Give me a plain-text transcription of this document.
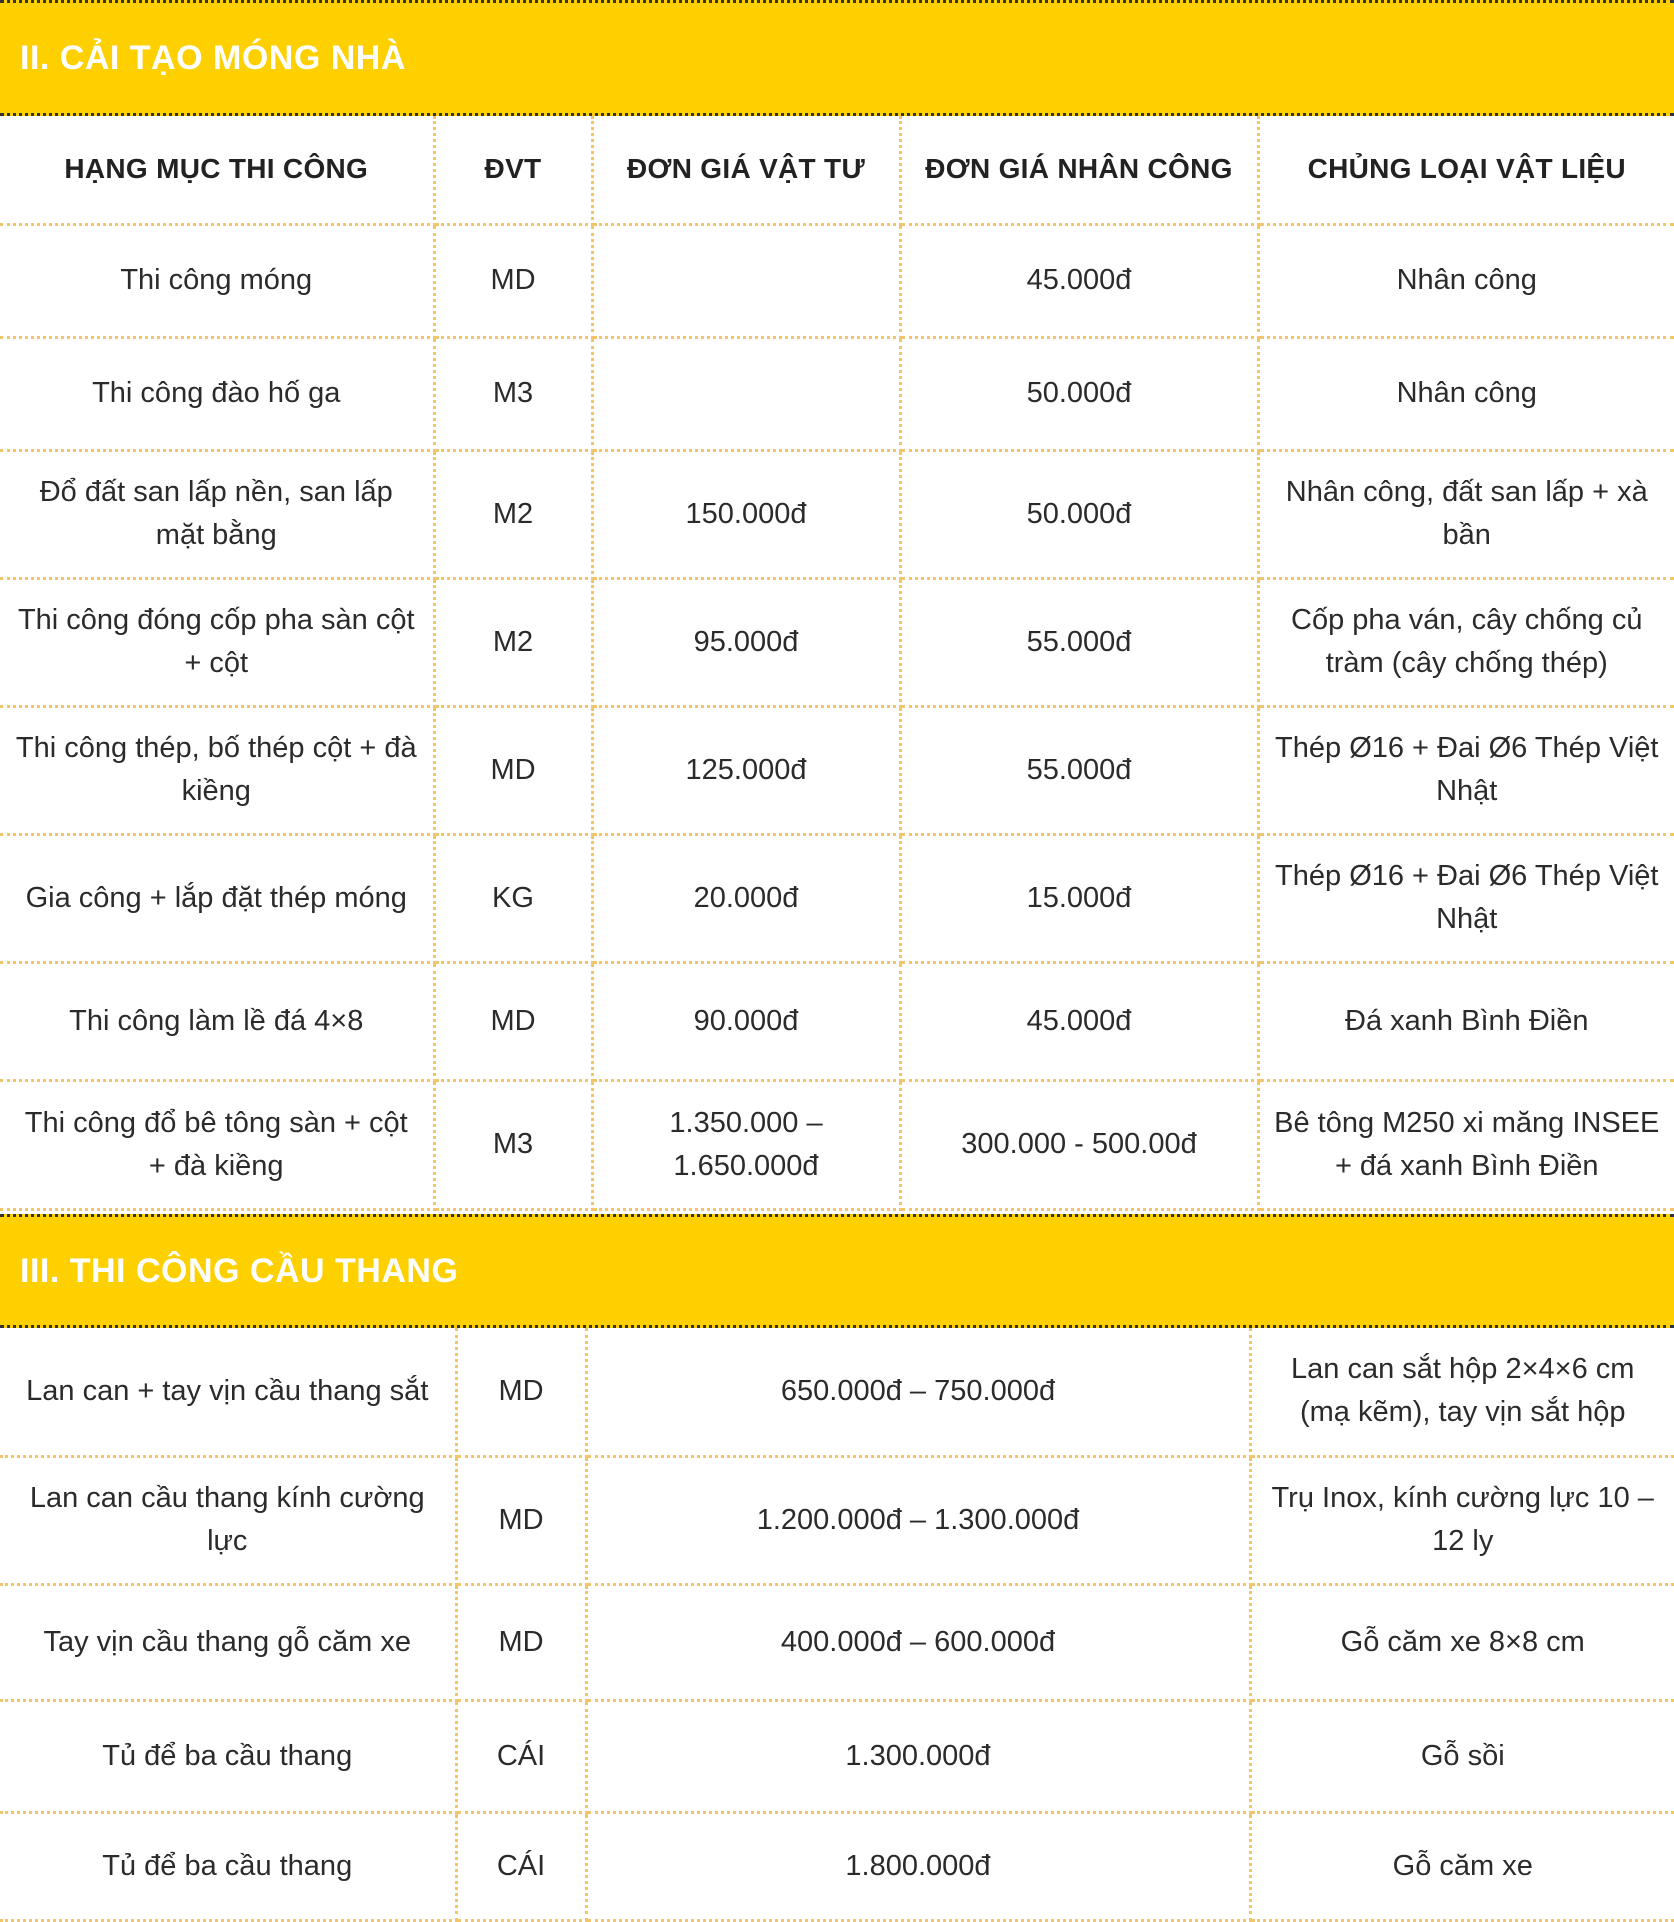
II. CẢI TẠO MÓNG NHÀ
HẠNG MỤC THI CÔNG	ĐVT	ĐƠN GIÁ VẬT TƯ	ĐƠN GIÁ NHÂN CÔNG	CHỦNG LOẠI VẬT LIỆU
Thi công móng	MD		45.000đ	Nhân công
Thi công đào hố ga	M3		50.000đ	Nhân công
Đổ đất san lấp nền, san lấp mặt bằng	M2	150.000đ	50.000đ	Nhân công, đất san lấp + xà bần
Thi công đóng cốp pha sàn cột + cột	M2	95.000đ	55.000đ	Cốp pha ván, cây chống củ tràm (cây chống thép)
Thi công thép, bố thép cột + đà kiềng	MD	125.000đ	55.000đ	Thép Ø16 + Đai Ø6 Thép Việt Nhật
Gia công + lắp đặt thép móng	KG	20.000đ	15.000đ	Thép Ø16 + Đai Ø6 Thép Việt Nhật
Thi công làm lề đá 4×8	MD	90.000đ	45.000đ	Đá xanh Bình Điền
Thi công đổ bê tông sàn + cột + đà kiềng	M3	1.350.000 – 1.650.000đ	300.000 - 500.00đ	Bê tông M250 xi măng INSEE + đá xanh Bình Điền
III. THI CÔNG CẦU THANG
Lan can + tay vịn cầu thang sắt	MD	650.000đ – 750.000đ	Lan can sắt hộp 2×4×6 cm (mạ kẽm), tay vịn sắt hộp
Lan can cầu thang kính cường lực	MD	1.200.000đ – 1.300.000đ	Trụ Inox, kính cường lực 10 – 12 ly
Tay vịn cầu thang gỗ căm xe	MD	400.000đ – 600.000đ	Gỗ căm xe 8×8 cm
Tủ để ba cầu thang	CÁI	1.300.000đ	Gỗ sồi
Tủ để ba cầu thang	CÁI	1.800.000đ	Gỗ căm xe
